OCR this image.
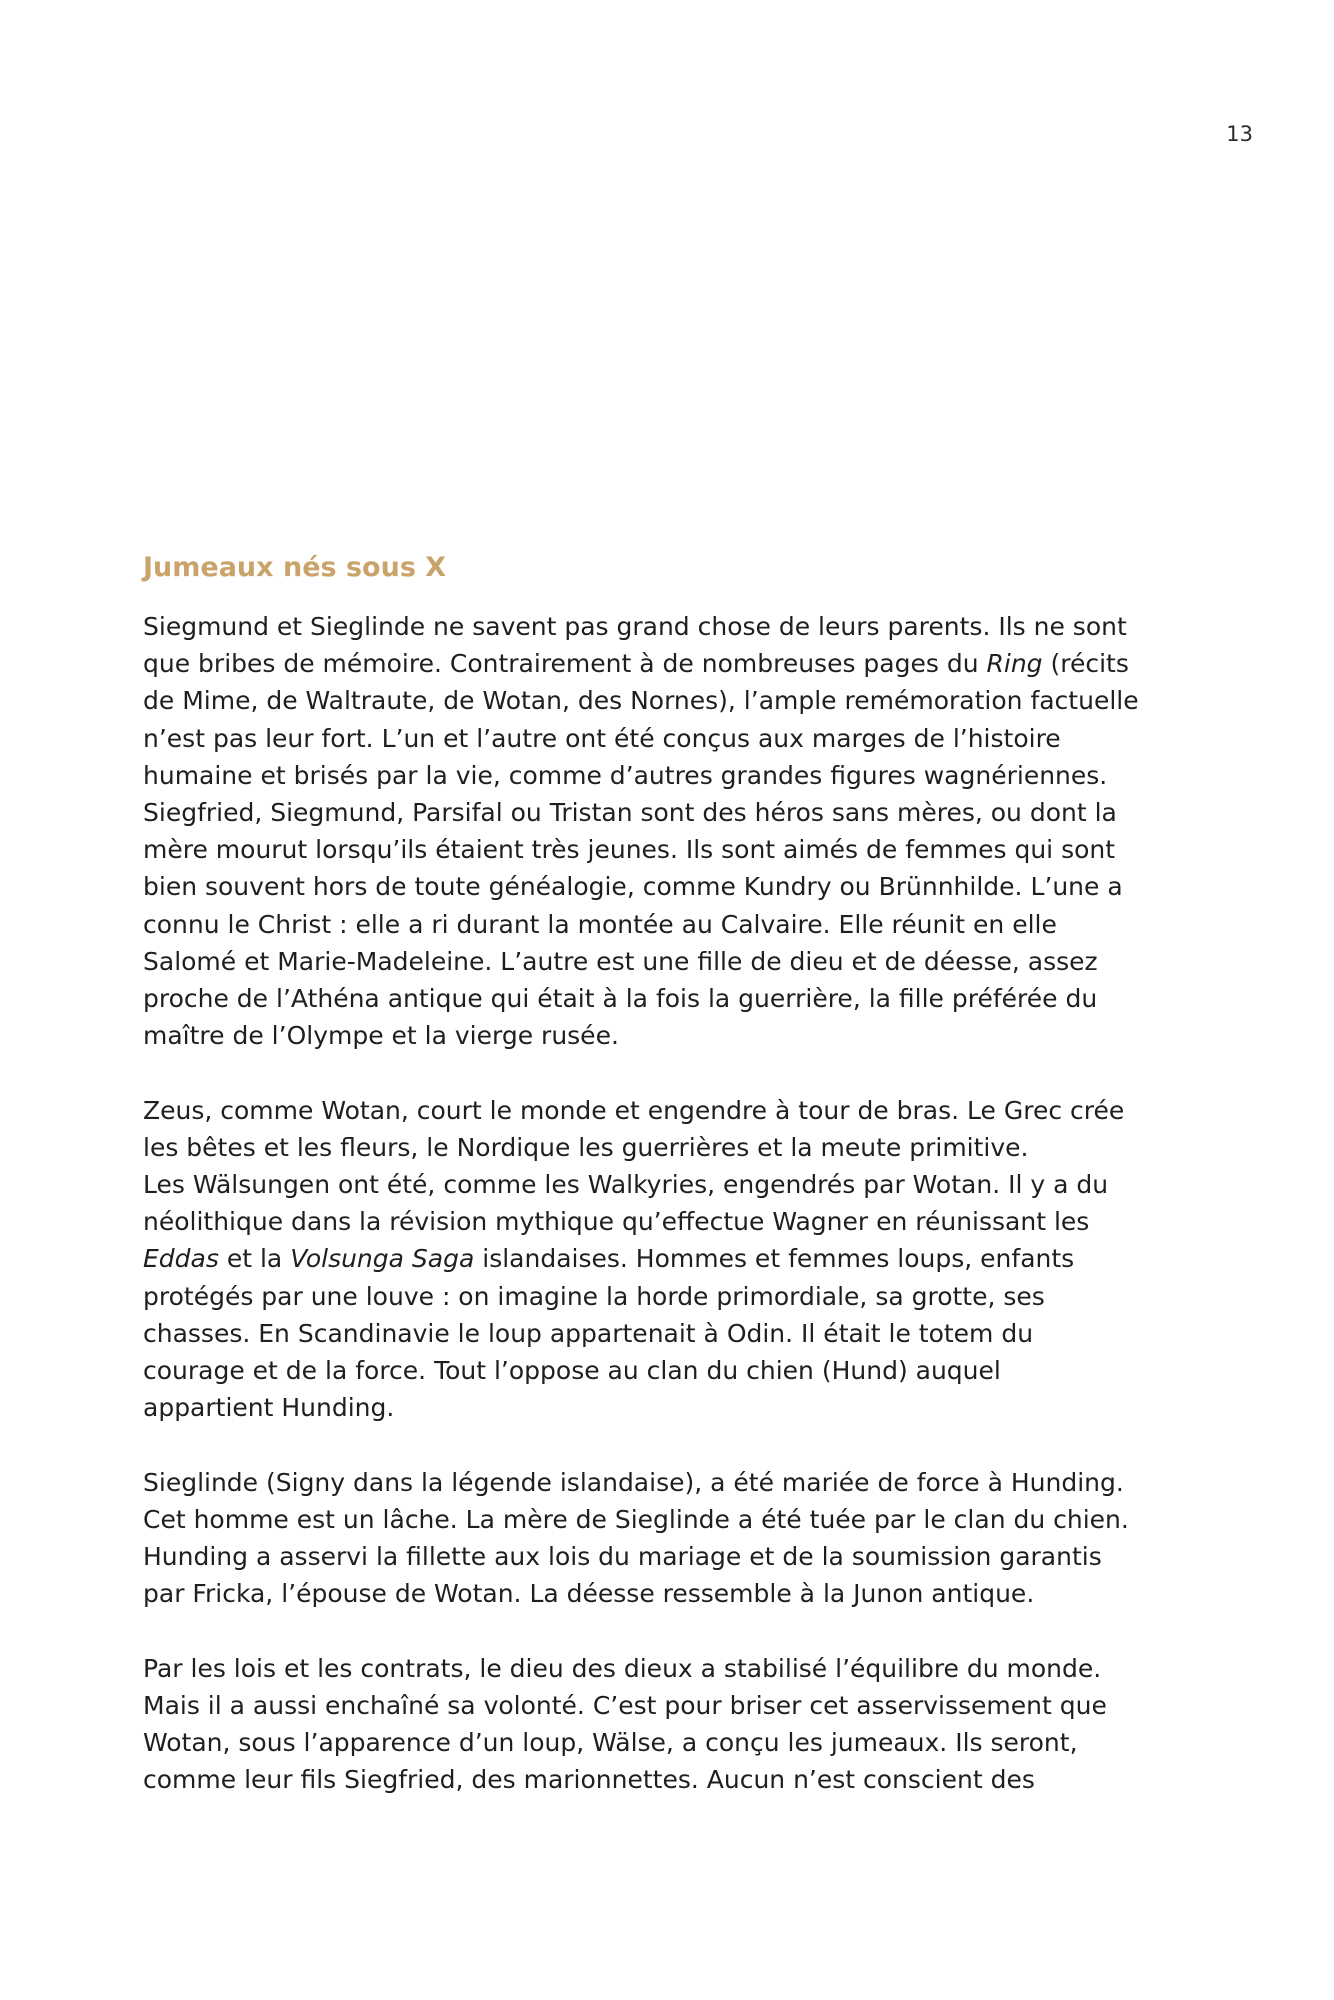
13
Jumeaux nés sous X

Siegmund et Sieglinde ne savent pas grand chose de leurs parents. Ils ne sont
que bribes de mémoire. Contrairement à de nombreuses pages du Ring (récits
de Mime, de Waltraute, de Wotan, des Nornes), l’ample remémoration factuelle
n’est pas leur fort. L’un et l’autre ont été conçus aux marges de l’histoire
humaine et brisés par la vie, comme d’autres grandes figures wagnériennes.
Siegfried, Siegmund, Parsifal ou Tristan sont des héros sans mères, ou dont la
mère mourut lorsqu’ils étaient très jeunes. Ils sont aimés de femmes qui sont
bien souvent hors de toute généalogie, comme Kundry ou Brünnhilde. L’une a
connu le Christ : elle a ri durant la montée au Calvaire. Elle réunit en elle
Salomé et Marie-Madeleine. L’autre est une fille de dieu et de déesse, assez
proche de l’Athéna antique qui était à la fois la guerrière, la fille préférée du
maître de l’Olympe et la vierge rusée.

Zeus, comme Wotan, court le monde et engendre à tour de bras. Le Grec crée
les bêtes et les fleurs, le Nordique les guerrières et la meute primitive.
Les Wälsungen ont été, comme les Walkyries, engendrés par Wotan. Il y a du
néolithique dans la révision mythique qu’effectue Wagner en réunissant les
Eddas et la Volsunga Saga islandaises. Hommes et femmes loups, enfants
protégés par une louve : on imagine la horde primordiale, sa grotte, ses
chasses. En Scandinavie le loup appartenait à Odin. Il était le totem du
courage et de la force. Tout l’oppose au clan du chien (Hund) auquel
appartient Hunding.

Sieglinde (Signy dans la légende islandaise), a été mariée de force à Hunding.
Cet homme est un lâche. La mère de Sieglinde a été tuée par le clan du chien.
Hunding a asservi la fillette aux lois du mariage et de la soumission garantis
par Fricka, l’épouse de Wotan. La déesse ressemble à la Junon antique.

Par les lois et les contrats, le dieu des dieux a stabilisé l’équilibre du monde.
Mais il a aussi enchaîné sa volonté. C’est pour briser cet asservissement que
Wotan, sous l’apparence d’un loup, Wälse, a conçu les jumeaux. Ils seront,
comme leur fils Siegfried, des marionnettes. Aucun n’est conscient des
